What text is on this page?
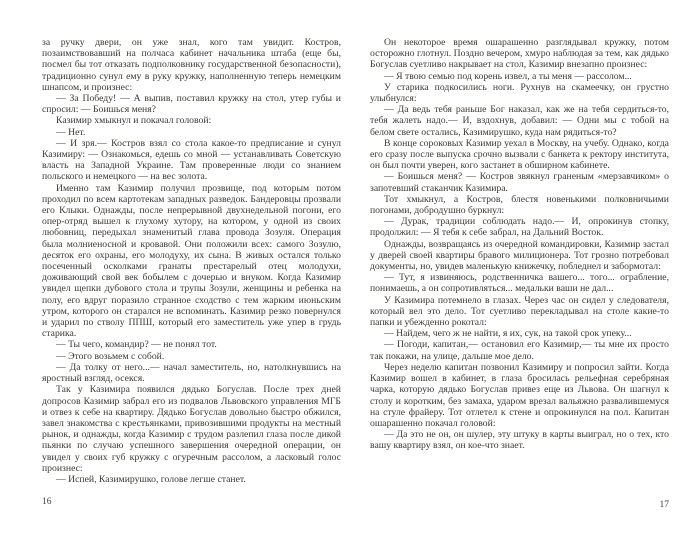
за ручку двери, он уже знал, кого там увидит. Костров, позаимствовавший на полчаса кабинет начальника штаба (еще бы, посмел бы тот отказать подполковнику государственной безопасности), традиционно сунул ему в руку кружку, наполненную теперь немецким шнапсом, и произнес:

— За Победу! — А выпив, поставил кружку на стол, утер губы и спросил: — Боишься меня?

Казимир хмыкнул и покачал головой:

— Нет.

— И зря.— Костров взял со стола какое-то предписание и сунул Казимиру: — Ознакомься, едешь со мной — устанавливать Советскую власть на Западной Украине. Там проверенные люди со знанием польского и немецкого — на вес золота.

Именно там Казимир получил прозвище, под которым потом проходил по всем картотекам западных разведок. Бандеровцы прозвали его Клыки. Однажды, после непрерывной двухнедельной погони, его опер-отряд вышел к глухому хутору, на котором, у одной из своих любовниц, передыхал знаменитый глава провода Зозуля. Операция была молниеносной и кровавой. Они положили всех: самого Зозулю, десяток его охраны, его молодуху, их сына. В живых остался только посеченный осколками гранаты престарелый отец молодухи, доживающий свой век бобылем с дочерью и внуком. Когда Казимир увидел щепки дубового стола и трупы Зозули, женщины и ребенка на полу, его вдруг поразило странное сходство с тем жарким июньским утром, которого он старался не вспоминать. Казимир резко повернулся и ударил по стволу ППШ, который его заместитель уже упер в грудь старика.

— Ты чего, командир? — не понял тот.

— Этого возьмем с собой.

— Да толку от него...— начал заместитель, но, натолкнувшись на яростный взгляд, осекся.

Так у Казимира появился дядько Богуслав. После трех дней допросов Казимир забрал его из подвалов Львовского управления МГБ и отвез к себе на квартиру. Дядько Богуслав довольно быстро обжился, завел знакомства с крестьянками, привозившими продукты на местный рынок, и однажды, когда Казимир с трудом разлепил глаза после дикой пьянки по случаю успешного завершения очередной операции, он увидел у своих губ кружку с огуречным рассолом, а ласковый голос произнес:

— Испей, Казимирушко, голове легше станет.

Он некоторое время ошарашенно разглядывал кружку, потом осторожно глотнул. Поздно вечером, хмуро наблюдая за тем, как дядько Богуслав суетливо накрывает на стол, Казимир внезапно произнес:

— Я твою семью под корень извел, а ты меня — рассолом...

У старика подкосились ноги. Рухнув на скамеечку, он грустно улыбнулся:

— Да ведь тебя раньше Бог наказал, как же на тебя сердиться-то, тебя жалеть надо.— И, вздохнув, добавил: — Одни мы с тобой на белом свете остались, Казимирушко, куда нам рядиться-то?

В конце сороковых Казимир уехал в Москву, на учебу. Однако, когда его сразу после выпуска срочно вызвали с банкета к ректору института, он был почти уверен, кого застанет в обширном кабинете.

— Боишься меня? — Костров звякнул граненым «мерзавчиком» о запотевший стаканчик Казимира.

Тот хмыкнул, а Костров, блестя новенькими полковничьими погонами, добродушно буркнул:

— Дурак, традиции соблюдать надо.— И, опрокинув стопку, продолжил: — Я тебя к себе забрал, на Дальний Восток.

Однажды, возвращаясь из очередной командировки, Казимир застал у дверей своей квартиры бравого милиционера. Тот грозно потребовал документы, но, увидев маленькую книжечку, побледнел и забормотал:

— Тут, я извиняюсь, родственничка вашего... того... ограбление, понимаешь, а он сопротивляться... медальки ваши не дал...

У Казимира потемнело в глазах. Через час он сидел у следователя, который вел это дело. Тот суетливо перекладывал на столе какие-то папки и убежденно рокотал:

— Найдем, чего ж не найти, я их, сук, на такой срок упеку...

— Погоди, капитан,— остановил его Казимир,— ты мне их просто так покажи, на улице, дальше мое дело.

Через неделю капитан позвонил Казимиру и попросил зайти. Когда Казимир вошел в кабинет, в глаза бросилась рельефная серебряная чарка, которую дядько Богуслав привез еще из Львова. Он шагнул к столу и коротким, без замаха, ударом врезал вальяжно развалившемуся на стуле фрайеру. Тот отлетел к стене и опрокинулся на пол. Капитан ошарашенно покачал головой:

— Да это не он, он шулер, эту штуку в карты выиграл, но о тех, кто вашу квартиру взял, он кое-что знает.

16	17
